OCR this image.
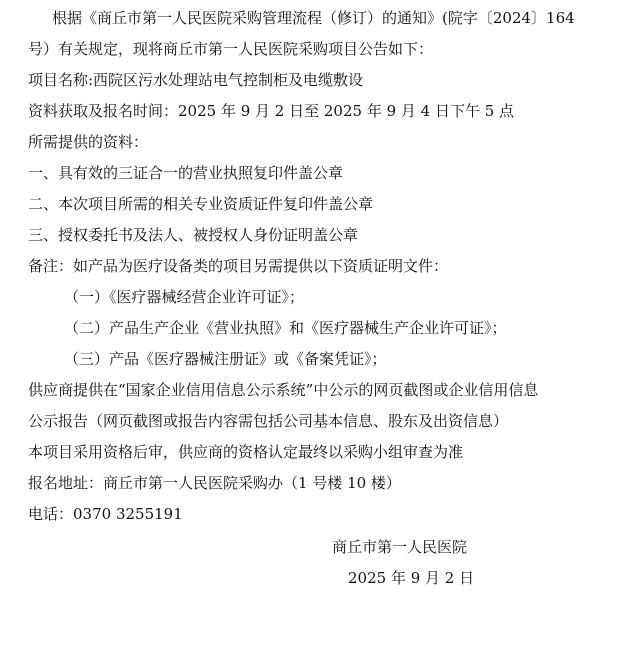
根据《商丘市第一人民医院采购管理流程（修订）的通知》(院字〔2024〕164
号）有关规定，现将商丘市第一人民医院采购项目公告如下：
项目名称:西院区污水处理站电气控制柜及电缆敷设
资料获取及报名时间：2025 年 9 月 2 日至 2025 年 9 月 4 日下午 5 点
所需提供的资料：
一、具有效的三证合一的营业执照复印件盖公章
二、本次项目所需的相关专业资质证件复印件盖公章
三、授权委托书及法人、被授权人身份证明盖公章
备注：如产品为医疗设备类的项目另需提供以下资质证明文件：
（一）《医疗器械经营企业许可证》；
（二）产品生产企业《营业执照》和《医疗器械生产企业许可证》；
（三）产品《医疗器械注册证》或《备案凭证》；
供应商提供在“国家企业信用信息公示系统”中公示的网页截图或企业信用信息
公示报告（网页截图或报告内容需包括公司基本信息、股东及出资信息）
本项目采用资格后审，供应商的资格认定最终以采购小组审查为准
报名地址：商丘市第一人民医院采购办（1 号楼 10 楼）
电话：0370 3255191
商丘市第一人民医院
2025 年 9 月 2 日
